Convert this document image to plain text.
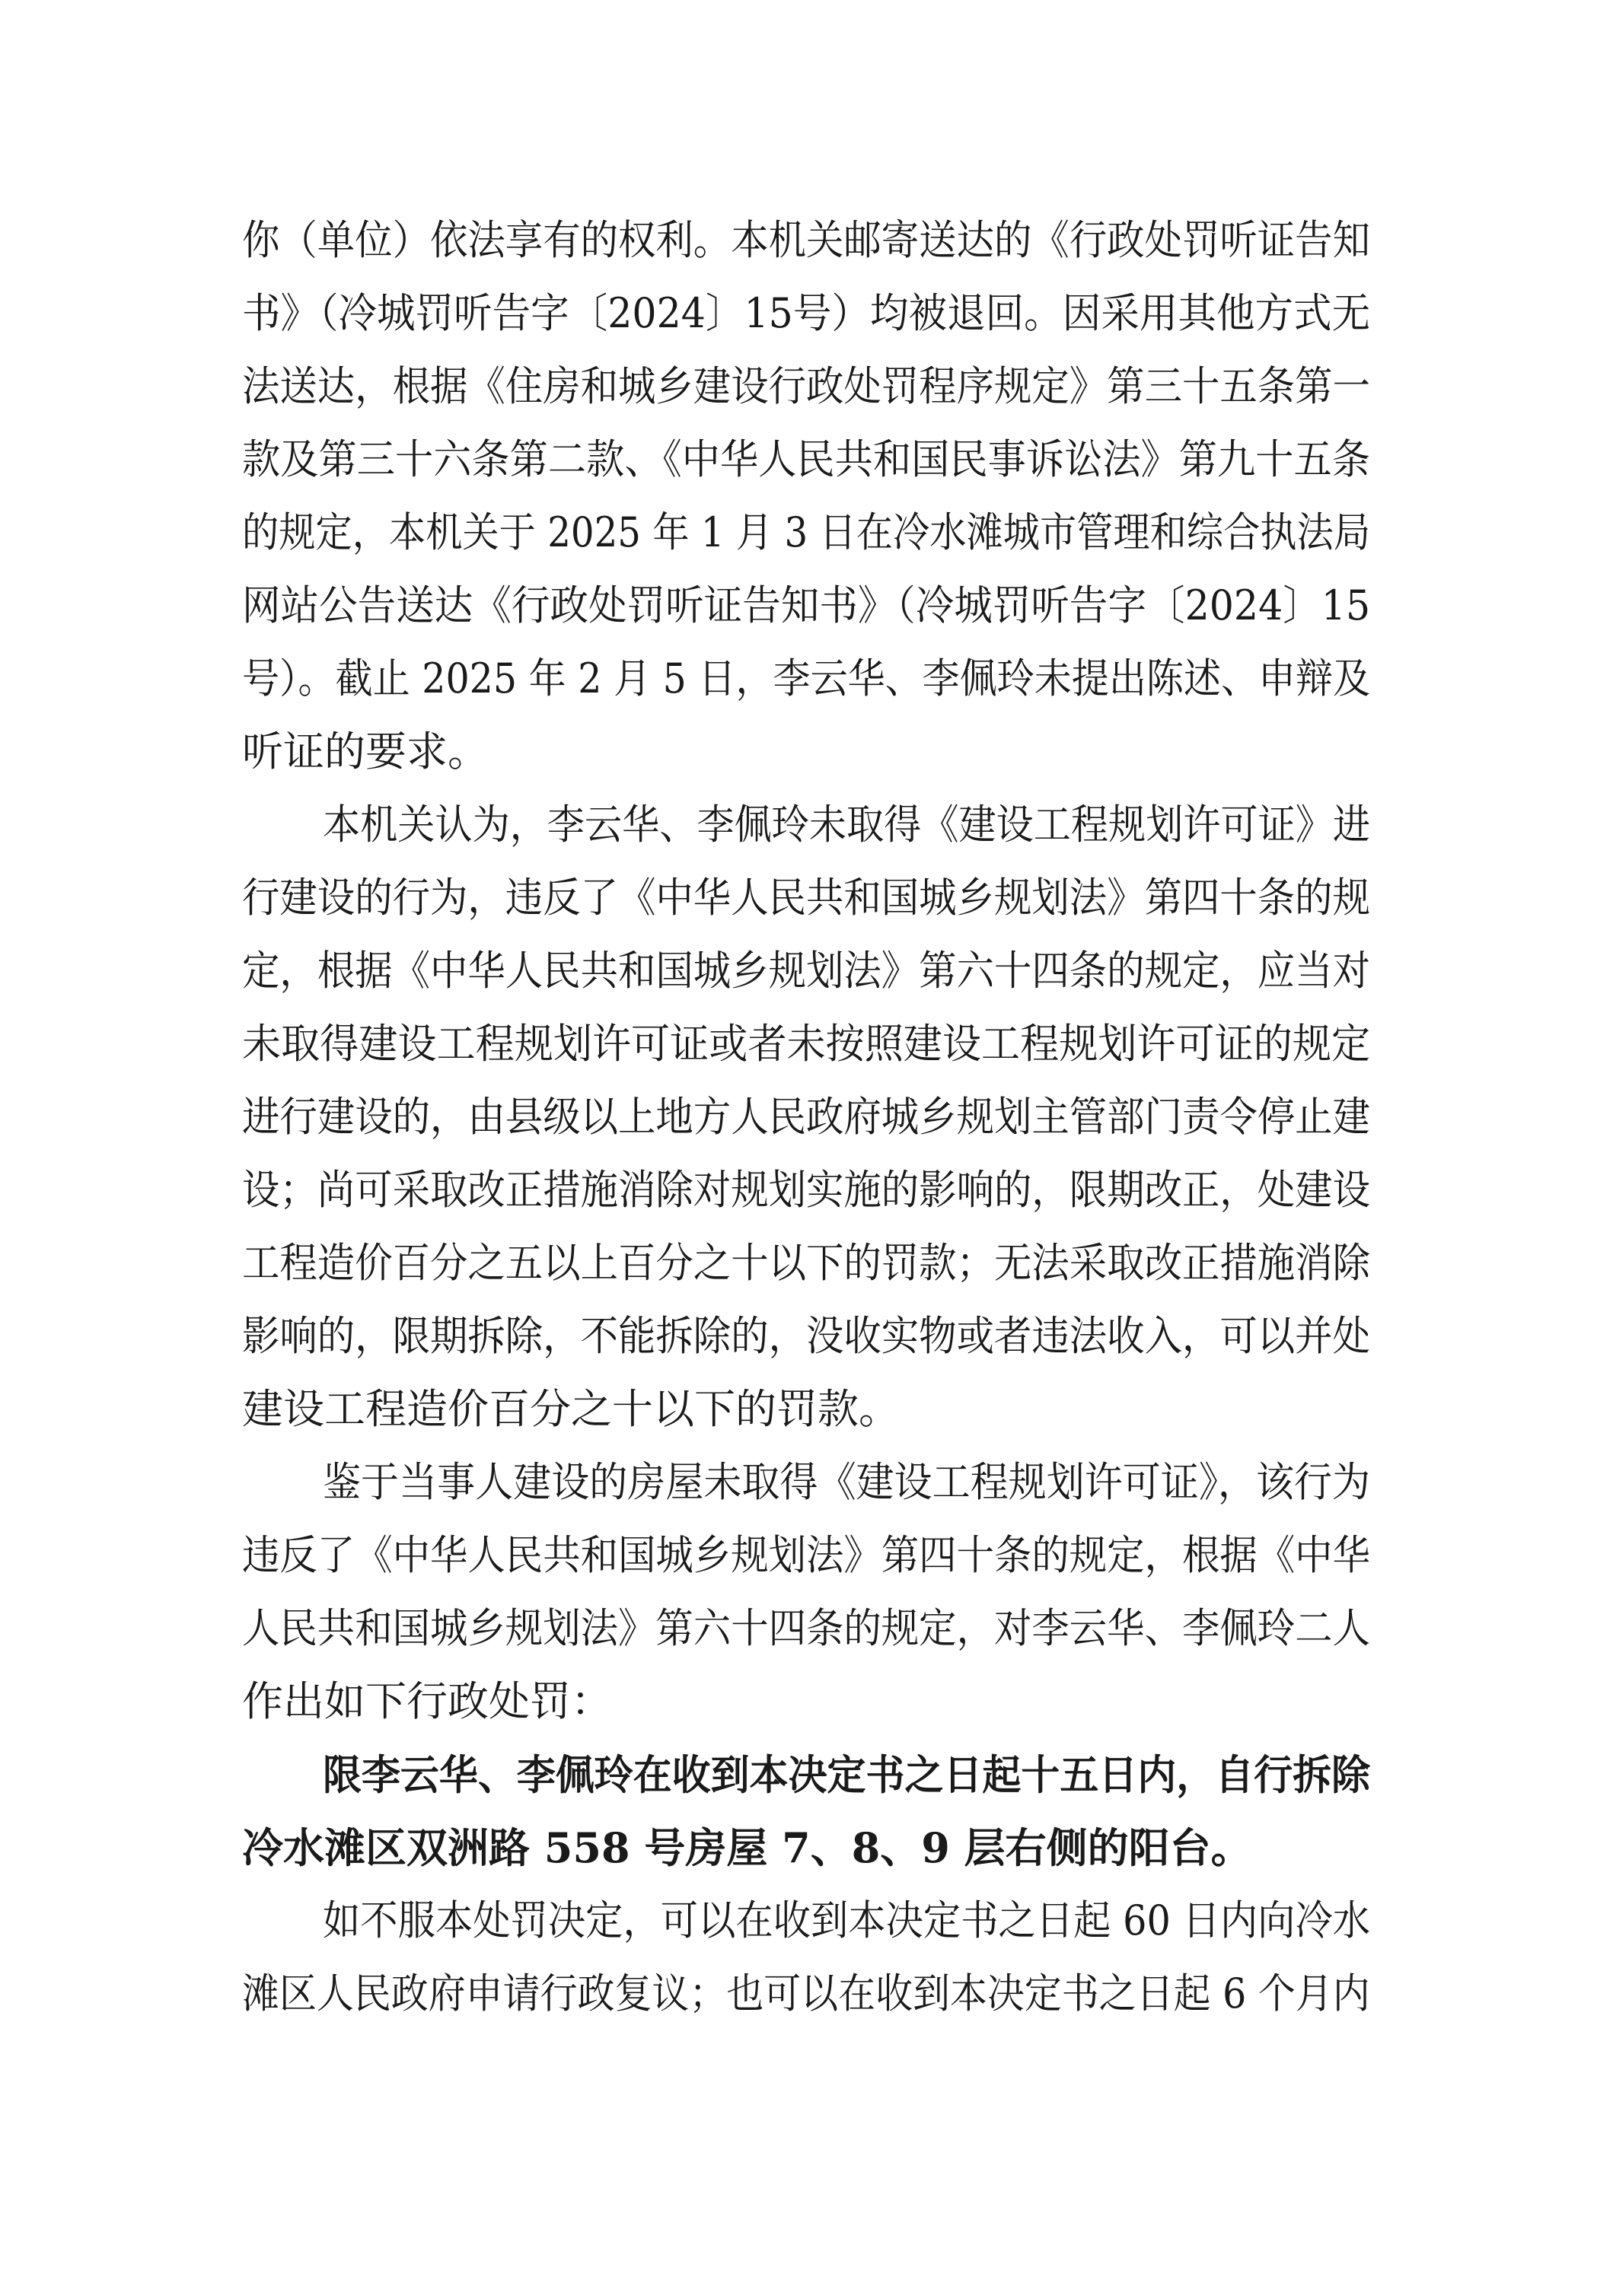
你（单位）依法享有的权利。本机关邮寄送达的《行政处罚听证告知
书》（冷城罚听告字〔2024〕15号）均被退回。因采用其他方式无
法送达，根据《住房和城乡建设行政处罚程序规定》第三十五条第一
款及第三十六条第二款、《中华人民共和国民事诉讼法》第九十五条
的规定，本机关于 2025 年 1 月 3 日在冷水滩城市管理和综合执法局
网站公告送达《行政处罚听证告知书》（冷城罚听告字〔2024〕15
号）。截止 2025 年 2 月 5 日，李云华、李佩玲未提出陈述、申辩及
听证的要求。
本机关认为，李云华、李佩玲未取得《建设工程规划许可证》进
行建设的行为，违反了《中华人民共和国城乡规划法》第四十条的规
定，根据《中华人民共和国城乡规划法》第六十四条的规定，应当对
未取得建设工程规划许可证或者未按照建设工程规划许可证的规定
进行建设的，由县级以上地方人民政府城乡规划主管部门责令停止建
设；尚可采取改正措施消除对规划实施的影响的，限期改正，处建设
工程造价百分之五以上百分之十以下的罚款；无法采取改正措施消除
影响的，限期拆除，不能拆除的，没收实物或者违法收入，可以并处
建设工程造价百分之十以下的罚款。
鉴于当事人建设的房屋未取得《建设工程规划许可证》，该行为
违反了《中华人民共和国城乡规划法》第四十条的规定，根据《中华
人民共和国城乡规划法》第六十四条的规定，对李云华、李佩玲二人
作出如下行政处罚：
限李云华、李佩玲在收到本决定书之日起十五日内，自行拆除
冷水滩区双洲路 558 号房屋 7、8、9 层右侧的阳台。
如不服本处罚决定，可以在收到本决定书之日起 60 日内向冷水
滩区人民政府申请行政复议；也可以在收到本决定书之日起 6 个月内
